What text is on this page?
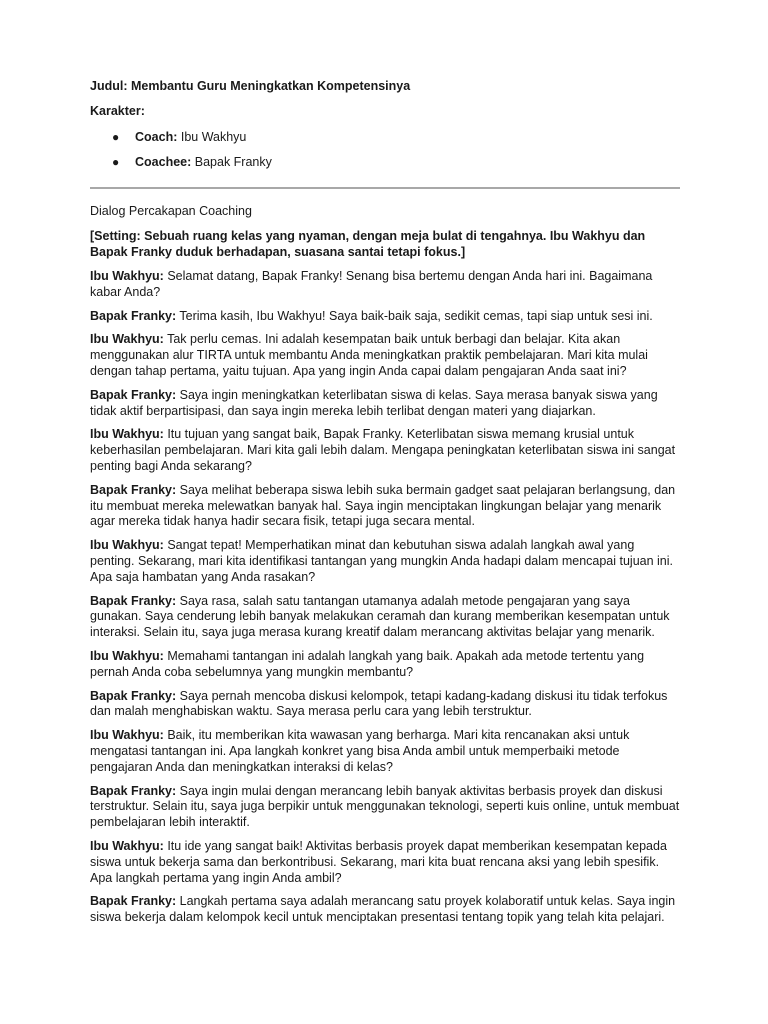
Judul: Membantu Guru Meningkatkan Kompetensinya

Karakter:

● Coach: Ibu Wakhyu
● Coachee: Bapak Franky

Dialog Percakapan Coaching

[Setting: Sebuah ruang kelas yang nyaman, dengan meja bulat di tengahnya. Ibu Wakhyu dan Bapak Franky duduk berhadapan, suasana santai tetapi fokus.]

Ibu Wakhyu: Selamat datang, Bapak Franky! Senang bisa bertemu dengan Anda hari ini. Bagaimana kabar Anda?

Bapak Franky: Terima kasih, Ibu Wakhyu! Saya baik-baik saja, sedikit cemas, tapi siap untuk sesi ini.

Ibu Wakhyu: Tak perlu cemas. Ini adalah kesempatan baik untuk berbagi dan belajar. Kita akan menggunakan alur TIRTA untuk membantu Anda meningkatkan praktik pembelajaran. Mari kita mulai dengan tahap pertama, yaitu tujuan. Apa yang ingin Anda capai dalam pengajaran Anda saat ini?

Bapak Franky: Saya ingin meningkatkan keterlibatan siswa di kelas. Saya merasa banyak siswa yang tidak aktif berpartisipasi, dan saya ingin mereka lebih terlibat dengan materi yang diajarkan.

Ibu Wakhyu: Itu tujuan yang sangat baik, Bapak Franky. Keterlibatan siswa memang krusial untuk keberhasilan pembelajaran. Mari kita gali lebih dalam. Mengapa peningkatan keterlibatan siswa ini sangat penting bagi Anda sekarang?

Bapak Franky: Saya melihat beberapa siswa lebih suka bermain gadget saat pelajaran berlangsung, dan itu membuat mereka melewatkan banyak hal. Saya ingin menciptakan lingkungan belajar yang menarik agar mereka tidak hanya hadir secara fisik, tetapi juga secara mental.

Ibu Wakhyu: Sangat tepat! Memperhatikan minat dan kebutuhan siswa adalah langkah awal yang penting. Sekarang, mari kita identifikasi tantangan yang mungkin Anda hadapi dalam mencapai tujuan ini. Apa saja hambatan yang Anda rasakan?

Bapak Franky: Saya rasa, salah satu tantangan utamanya adalah metode pengajaran yang saya gunakan. Saya cenderung lebih banyak melakukan ceramah dan kurang memberikan kesempatan untuk interaksi. Selain itu, saya juga merasa kurang kreatif dalam merancang aktivitas belajar yang menarik.

Ibu Wakhyu: Memahami tantangan ini adalah langkah yang baik. Apakah ada metode tertentu yang pernah Anda coba sebelumnya yang mungkin membantu?

Bapak Franky: Saya pernah mencoba diskusi kelompok, tetapi kadang-kadang diskusi itu tidak terfokus dan malah menghabiskan waktu. Saya merasa perlu cara yang lebih terstruktur.

Ibu Wakhyu: Baik, itu memberikan kita wawasan yang berharga. Mari kita rencanakan aksi untuk mengatasi tantangan ini. Apa langkah konkret yang bisa Anda ambil untuk memperbaiki metode pengajaran Anda dan meningkatkan interaksi di kelas?

Bapak Franky: Saya ingin mulai dengan merancang lebih banyak aktivitas berbasis proyek dan diskusi terstruktur. Selain itu, saya juga berpikir untuk menggunakan teknologi, seperti kuis online, untuk membuat pembelajaran lebih interaktif.

Ibu Wakhyu: Itu ide yang sangat baik! Aktivitas berbasis proyek dapat memberikan kesempatan kepada siswa untuk bekerja sama dan berkontribusi. Sekarang, mari kita buat rencana aksi yang lebih spesifik. Apa langkah pertama yang ingin Anda ambil?

Bapak Franky: Langkah pertama saya adalah merancang satu proyek kolaboratif untuk kelas. Saya ingin siswa bekerja dalam kelompok kecil untuk menciptakan presentasi tentang topik yang telah kita pelajari.
